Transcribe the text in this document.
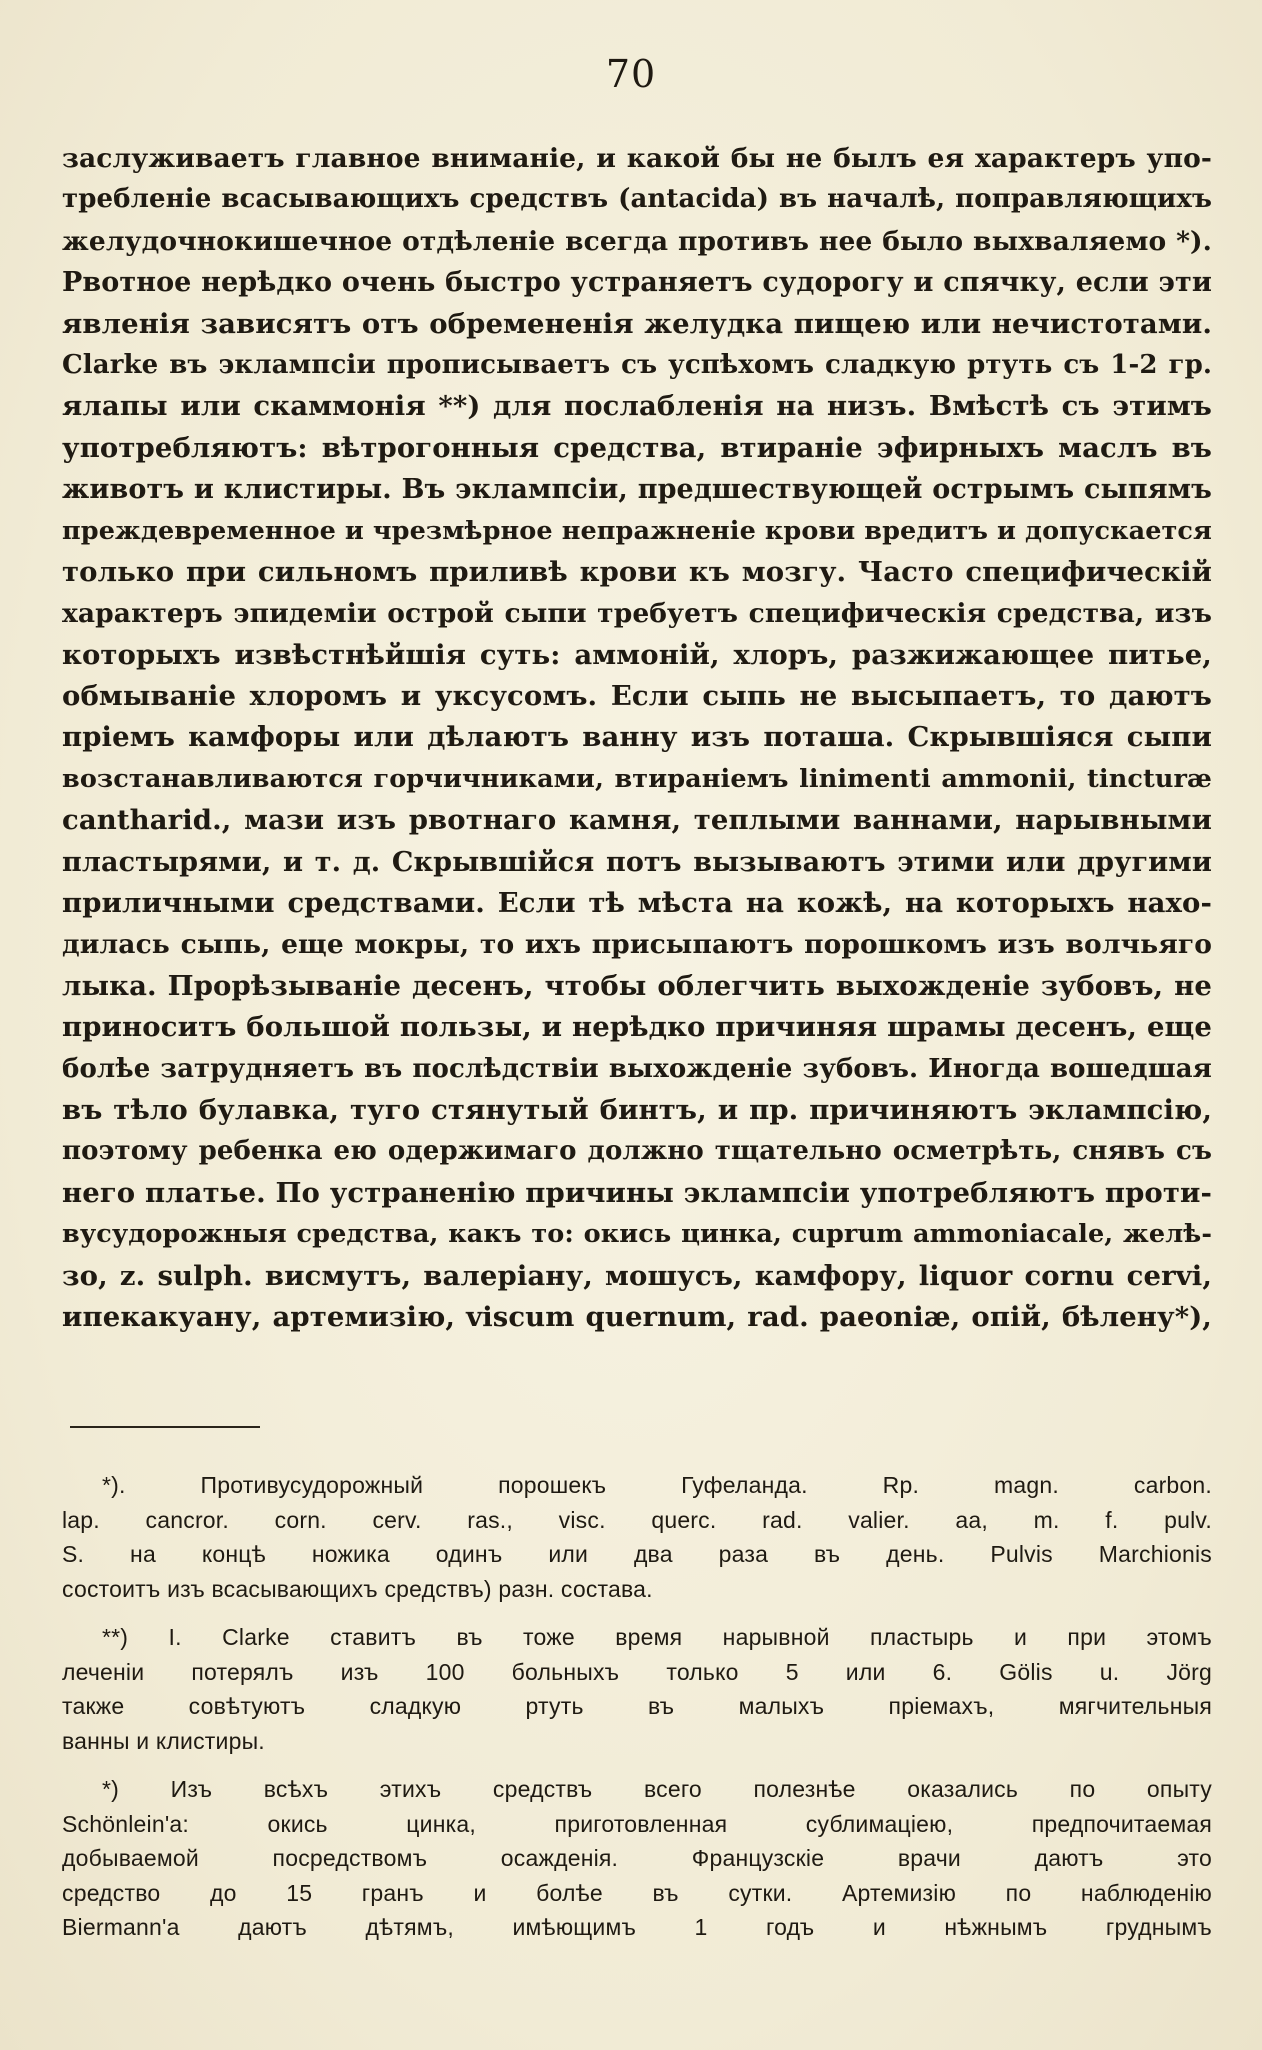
70
заслуживаетъ главное вниманіе, и какой бы не былъ ея характеръ упо-
требленіе всасывающихъ средствъ (antacida) въ началѣ, поправляющихъ
желудочнокишечное отдѣленіе всегда противъ нее было выхваляемо *).
Рвотное нерѣдко очень быстро устраняетъ судорогу и спячку, если эти
явленія зависятъ отъ обремененія желудка пищею или нечистотами.
Clarke въ эклампсіи прописываетъ съ успѣхомъ сладкую ртуть съ 1-2 гр.
ялапы или скаммонія **) для послабленія на низъ. Вмѣстѣ съ этимъ
употребляютъ: вѣтрогонныя средства, втираніе эфирныхъ маслъ въ
животъ и клистиры. Въ эклампсіи, предшествующей острымъ сыпямъ
преждевременное и чрезмѣрное непражненіе крови вредитъ и допускается
только при сильномъ приливѣ крови къ мозгу. Часто специфическій
характеръ эпидеміи острой сыпи требуетъ специфическія средства, изъ
которыхъ извѣстнѣйшія суть: аммоній, хлоръ, разжижающее питье,
обмываніе хлоромъ и уксусомъ. Если сыпь не высыпаетъ, то даютъ
пріемъ камфоры или дѣлаютъ ванну изъ поташа. Скрывшіяся сыпи
возстанавливаются горчичниками, втираніемъ linimenti ammonii, tincturæ
cantharid., мази изъ рвотнаго камня, теплыми ваннами, нарывными
пластырями, и т. д. Скрывшійся потъ вызываютъ этими или другими
приличными средствами. Если тѣ мѣста на кожѣ, на которыхъ нахо-
дилась сыпь, еще мокры, то ихъ присыпаютъ порошкомъ изъ волчьяго
лыка. Прорѣзываніе десенъ, чтобы облегчить выхожденіе зубовъ, не
приноситъ большой пользы, и нерѣдко причиняя шрамы десенъ, еще
болѣе затрудняетъ въ послѣдствіи выхожденіе зубовъ. Иногда вошедшая
въ тѣло булавка, туго стянутый бинтъ, и пр. причиняютъ эклампсію,
поэтому ребенка ею одержимаго должно тщательно осметрѣть, снявъ съ
него платье. По устраненію причины эклампсіи употребляютъ проти-
вусудорожныя средства, какъ то: окись цинка, cuprum ammoniacale, желѣ-
зо, z. sulph. висмутъ, валеріану, мошусъ, камфору, liquor cornu cervi,
ипекакуану, артемизію, viscum quernum, rad. paeoniæ, опій, бѣлену*),
*). Противусудорожный порошекъ Гуфеланда. Rp. magn. carbon.
lap. cancror. corn. cerv. ras., visc. querc. rad. valier. aa, m. f. pulv.
S. на концѣ ножика одинъ или два раза въ день. Pulvis Marchionis
состоитъ изъ всасывающихъ средствъ) разн. состава.
**) I. Clarke ставитъ въ тоже время нарывной пластырь и при этомъ
леченіи потерялъ изъ 100 больныхъ только 5 или 6. Gölis u. Jörg
также совѣтуютъ сладкую ртуть въ малыхъ пріемахъ, мягчительныя
ванны и клистиры.
*) Изъ всѣхъ этихъ средствъ всего полезнѣе оказались по опыту
Schönlein'a: окись цинка, приготовленная сублимаціею, предпочитаемая
добываемой посредствомъ осажденія. Французскіе врачи даютъ это
средство до 15 гранъ и болѣе въ сутки. Артемизію по наблюденію
Biermann'a даютъ дѣтямъ, имѣющимъ 1 годъ и нѣжнымъ груднымъ
